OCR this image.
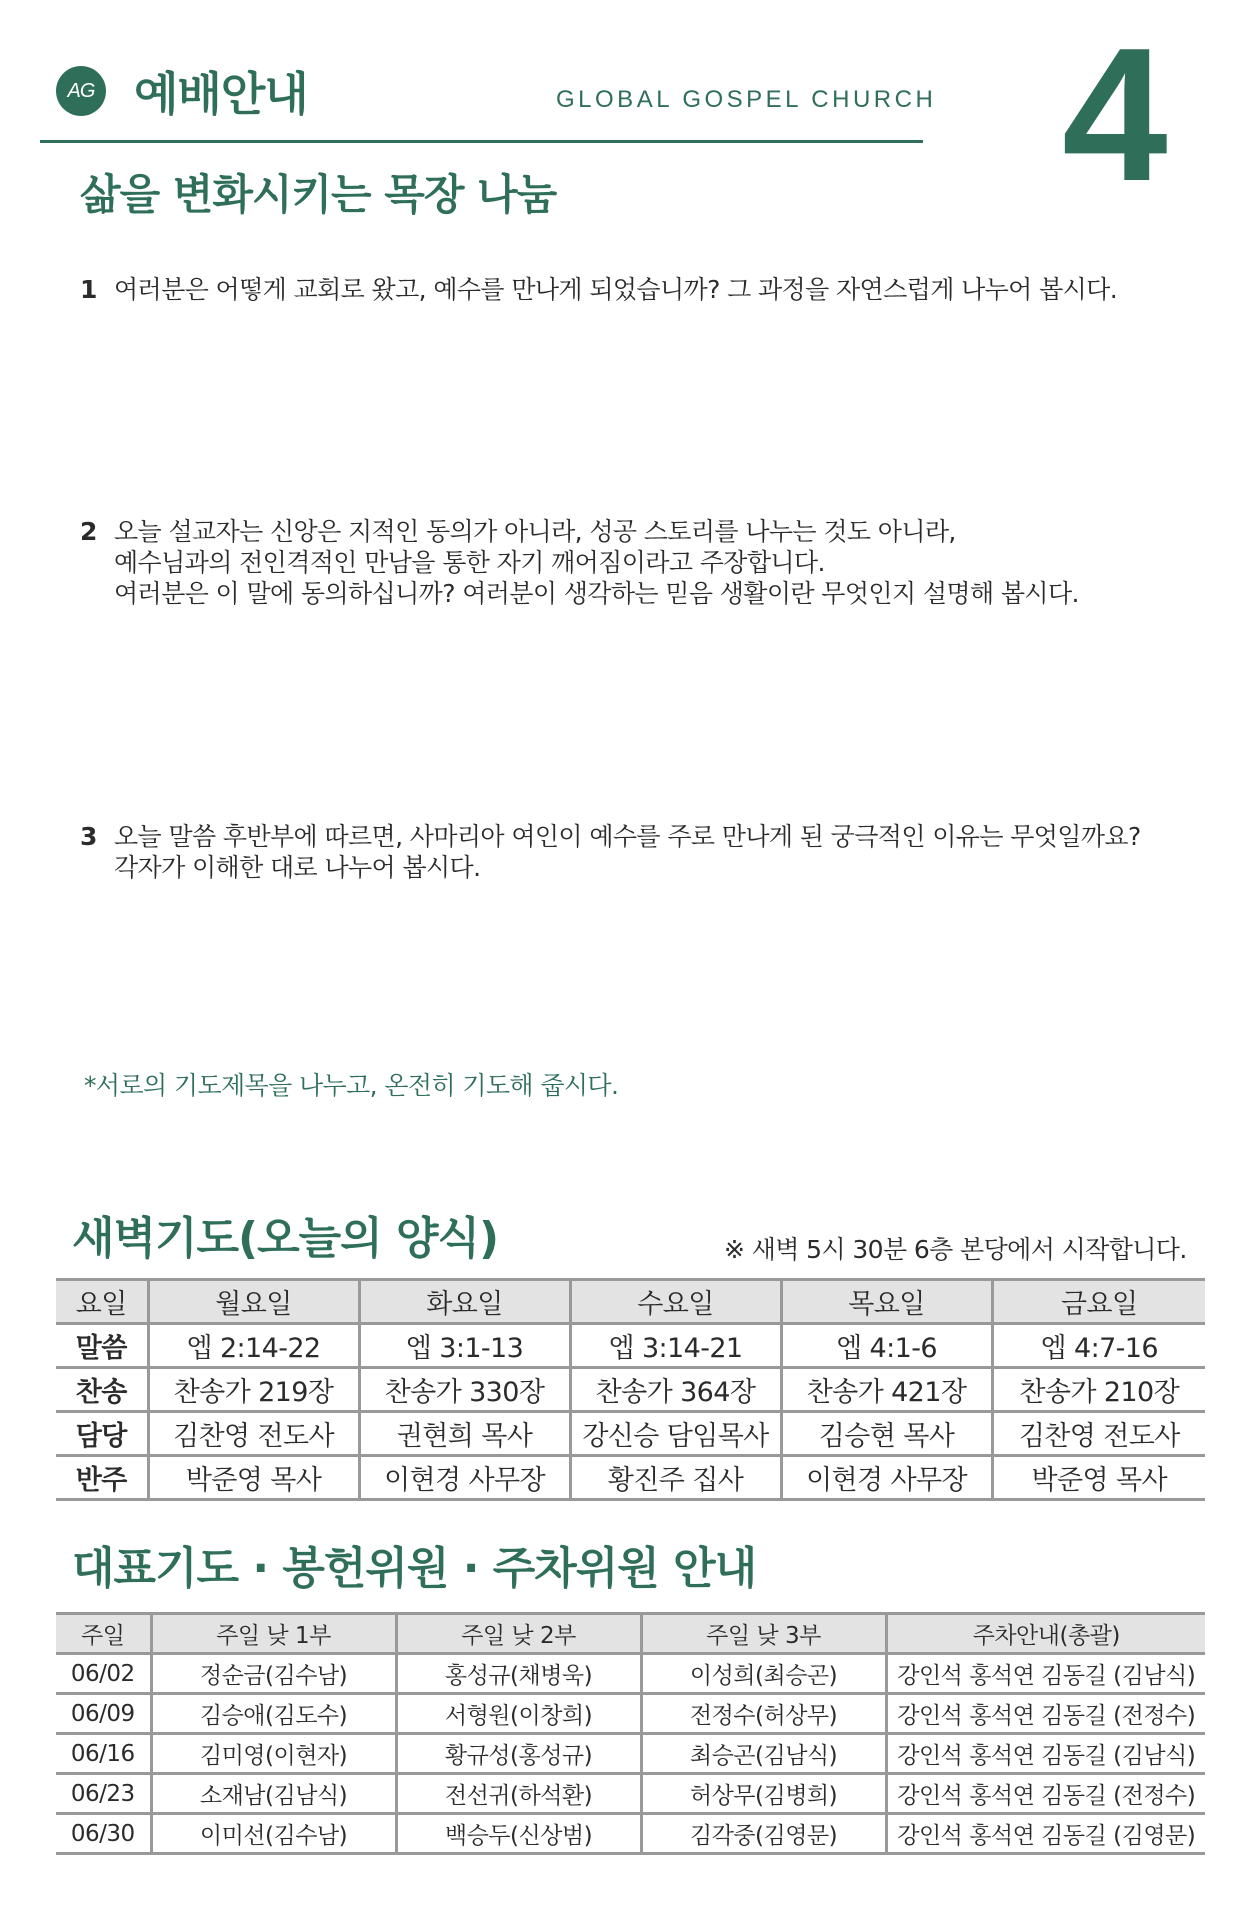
AG 예배안내	GLOBAL GOSPEL CHURCH 4
삶을 변화시키는 목장 나눔
1 여러분은 어떻게 교회로 왔고, 예수를 만나게 되었습니까? 그 과정을 자연스럽게 나누어 봅시다.
2 오늘 설교자는 신앙은 지적인 동의가 아니라, 성공 스토리를 나누는 것도 아니라,
예수님과의 전인격적인 만남을 통한 자기 깨어짐이라고 주장합니다.
여러분은 이 말에 동의하십니까? 여러분이 생각하는 믿음 생활이란 무엇인지 설명해 봅시다.
3 오늘 말씀 후반부에 따르면, 사마리아 여인이 예수를 주로 만나게 된 궁극적인 이유는 무엇일까요?
각자가 이해한 대로 나누어 봅시다.
*서로의 기도제목을 나누고, 온전히 기도해 줍시다.
새벽기도(오늘의 양식)	※ 새벽 5시 30분 6층 본당에서 시작합니다.
요일	월요일	화요일	수요일	목요일	금요일
말씀	엡 2:14-22	엡 3:1-13	엡 3:14-21	엡 4:1-6	엡 4:7-16
찬송	찬송가 219장	찬송가 330장	찬송가 364장	찬송가 421장	찬송가 210장
담당	김찬영 전도사	권현희 목사	강신승 담임목사	김승현 목사	김찬영 전도사
반주	박준영 목사	이현경 사무장	황진주 집사	이현경 사무장	박준영 목사
대표기도 · 봉헌위원 · 주차위원 안내
주일	주일 낮 1부	주일 낮 2부	주일 낮 3부	주차안내(총괄)
06/02	정순금(김수남)	홍성규(채병욱)	이성희(최승곤)	강인석 홍석연 김동길 (김남식)
06/09	김승애(김도수)	서형원(이창희)	전정수(허상무)	강인석 홍석연 김동길 (전정수)
06/16	김미영(이현자)	황규성(홍성규)	최승곤(김남식)	강인석 홍석연 김동길 (김남식)
06/23	소재남(김남식)	전선귀(하석환)	허상무(김병희)	강인석 홍석연 김동길 (전정수)
06/30	이미선(김수남)	백승두(신상범)	김각중(김영문)	강인석 홍석연 김동길 (김영문)
